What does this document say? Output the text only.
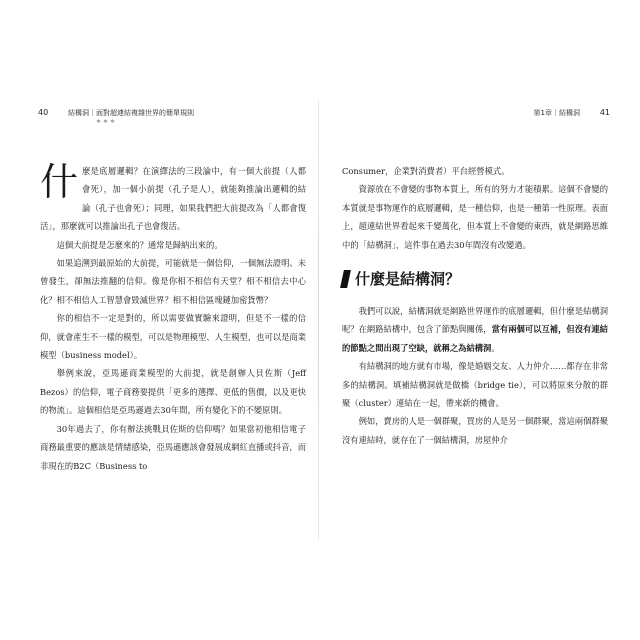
40	結構洞｜面對超連結複雜世界的簡單規則
＊＊＊

什麼是底層邏輯？在演繹法的三段論中，有一個大前提（人都會死），加一個小前提（孔子是人），就能夠推論出邏輯的結論（孔子也會死）；同理，如果我們把大前提改為「人都會復活」，那麼就可以推論出孔子也會復活。

這個大前提是怎麼來的？通常是歸納出來的。

如果追溯到最原始的大前提，可能就是一個信仰，一個無法證明、未曾發生，卻無法推翻的信仰。像是你相不相信有天堂？相不相信去中心化？相不相信人工智慧會毀滅世界？相不相信區塊鏈加密貨幣？

你的相信不一定是對的，所以需要做實驗來證明，但是不一樣的信仰，就會產生不一樣的模型，可以是物理模型、人生模型，也可以是商業模型（business model）。

舉例來說，亞馬遜商業模型的大前提，就是創辦人貝佐斯（Jeff Bezos）的信仰，電子商務要提供「更多的選擇、更低的售價，以及更快的物流」。這個相信是亞馬遜過去30年間，所有變化下的不變原則。

30年過去了，你有辦法挑戰貝佐斯的信仰嗎？如果當初他相信電子商務最重要的應該是情緒感染，亞馬遜應該會發展成網紅直播或抖音，而非現在的B2C（Business to

第1章｜結構洞 41

Consumer，企業對消費者）平台經營模式。

資源放在不會變的事物本質上，所有的努力才能積累。這個不會變的本質就是事物運作的底層邏輯，是一種信仰，也是一種第一性原理。表面上，超連結世界看起來千變萬化，但本質上不會變的東西，就是網路思維中的「結構洞」，這件事在過去30年間沒有改變過。

什麼是結構洞？

我們可以說，結構洞就是網路世界運作的底層邏輯，但什麼是結構洞呢？在網路結構中，包含了節點與關係，當有兩個可以互補，但沒有連結的節點之間出現了空缺，就稱之為結構洞。

有結構洞的地方就有市場，像是婚姻交友、人力仲介……都存在非常多的結構洞。填補結構洞就是做橋（bridge tie），可以將原來分散的群聚（cluster）連結在一起，帶來新的機會。

例如，賣房的人是一個群聚，買房的人是另一個群聚，當這兩個群聚沒有連結時，就存在了一個結構洞，房屋仲介
